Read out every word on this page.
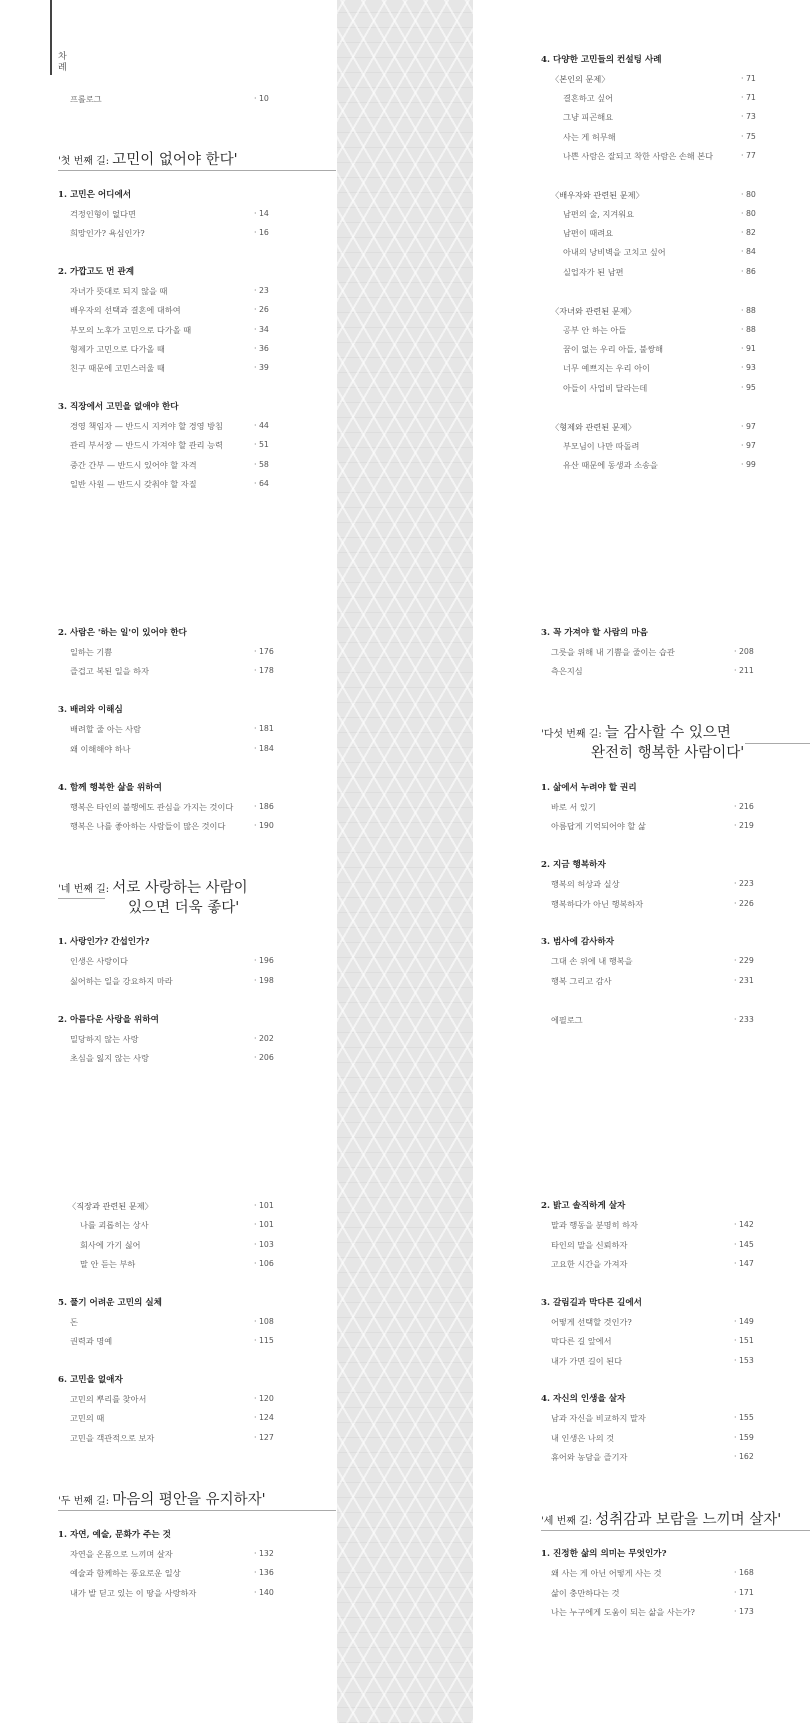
차례
프롤로그	· 10
'첫 번째 길: 고민이 없어야 한다'
1. 고민은 어디에서
걱정인형이 없다면	· 14
희망인가? 욕심인가?	· 16
2. 가깝고도 먼 관계
자녀가 뜻대로 되지 않을 때	· 23
배우자의 선택과 결혼에 대하여	· 26
부모의 노후가 고민으로 다가올 때	· 34
형제가 고민으로 다가올 때	· 36
친구 때문에 고민스러울 때	· 39
3. 직장에서 고민을 없애야 한다
경영 책임자 — 반드시 지켜야 할 경영 방침	· 44
관리 부서장 — 반드시 가져야 할 관리 능력	· 51
중간 간부 — 반드시 있어야 할 자격	· 58
일반 사원 — 반드시 갖춰야 할 자질	· 64
4. 다양한 고민들의 컨설팅 사례
〈본인의 문제〉	· 71
결혼하고 싶어	· 71
그냥 피곤해요	· 73
사는 게 허무해	· 75
나쁜 사람은 잘되고 착한 사람은 손해 본다	· 77
〈배우자와 관련된 문제〉	· 80
남편의 술, 지겨워요	· 80
남편이 때려요	· 82
아내의 낭비벽을 고치고 싶어	· 84
실업자가 된 남편	· 86
〈자녀와 관련된 문제〉	· 88
공부 안 하는 아들	· 88
꿈이 없는 우리 아들, 불쌍해	· 91
너무 예쁘지는 우리 아이	· 93
아들이 사업비 달라는데	· 95
〈형제와 관련된 문제〉	· 97
부모님이 나만 따돌려	· 97
유산 때문에 동생과 소송을	· 99
2. 사람은 '하는 일'이 있어야 한다
일하는 기쁨	· 176
즐겁고 복된 일을 하자	· 178
3. 배려와 이해심
배려할 줄 아는 사람	· 181
왜 이해해야 하나	· 184
4. 함께 행복한 삶을 위하여
행복은 타인의 불행에도 관심을 가지는 것이다	· 186
행복은 나를 좋아하는 사람들이 많은 것이다	· 190
'네 번째 길: 서로 사랑하는 사람이
있으면 더욱 좋다'
1. 사랑인가? 간섭인가?
인생은 사랑이다	· 196
싫어하는 일을 강요하지 마라	· 198
2. 아름다운 사랑을 위하여
밀당하지 않는 사랑	· 202
초심을 잃지 않는 사랑	· 206
3. 꼭 가져야 할 사람의 마음
그릇을 위해 내 기쁨을 줄이는 습관	· 208
측은지심	· 211
'다섯 번째 길: 늘 감사할 수 있으면
완전히 행복한 사람이다'
1. 삶에서 누려야 할 권리
바로 서 있기	· 216
아름답게 기억되어야 할 삶	· 219
2. 지금 행복하자
행복의 허상과 실상	· 223
행복하다가 아닌 행복하자	· 226
3. 범사에 감사하자
그대 손 위에 내 행복을	· 229
행복 그리고 감사	· 231
에필로그	· 233
〈직장과 관련된 문제〉	· 101
나를 괴롭히는 상사	· 101
회사에 가기 싫어	· 103
말 안 듣는 부하	· 106
5. 풀기 어려운 고민의 실체
돈	· 108
권력과 명예	· 115
6. 고민을 없애자
고민의 뿌리를 찾아서	· 120
고민의 때	· 124
고민을 객관적으로 보자	· 127
'두 번째 길: 마음의 평안을 유지하자'
1. 자연, 예술, 문화가 주는 것
자연을 온몸으로 느끼며 살자	· 132
예술과 함께하는 풍요로운 일상	· 136
내가 발 딛고 있는 이 땅을 사랑하자	· 140
2. 밝고 솔직하게 살자
말과 행동을 분명히 하자	· 142
타인의 말을 신뢰하자	· 145
고요한 시간을 가져자	· 147
3. 갈림길과 막다른 길에서
어떻게 선택할 것인가?	· 149
막다른 길 앞에서	· 151
내가 가면 길이 된다	· 153
4. 자신의 인생을 살자
남과 자신을 비교하지 말자	· 155
내 인생은 나의 것	· 159
휴어와 농담을 즐기자	· 162
'세 번째 길: 성취감과 보람을 느끼며 살자'
1. 진정한 삶의 의미는 무엇인가?
왜 사는 게 아닌 어떻게 사는 것	· 168
삶이 충만하다는 것	· 171
나는 누구에게 도움이 되는 삶을 사는가?	· 173
